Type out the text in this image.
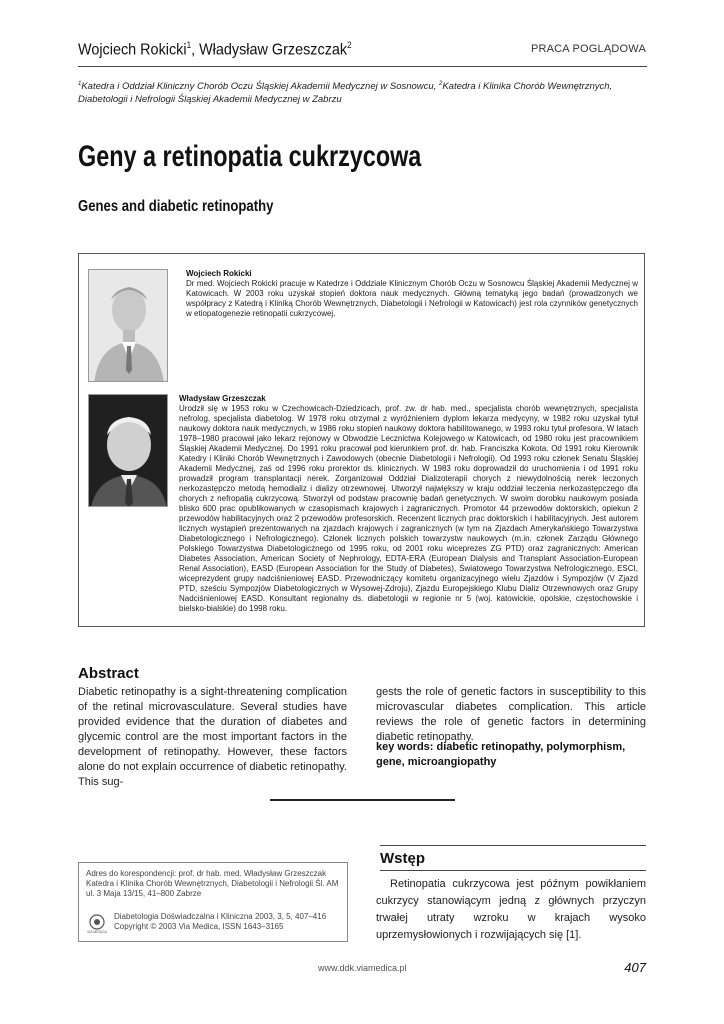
Wojciech Rokicki$^1$, Władysław Grzeszczak$^2$	PRACA POGLĄDOWA
$^1$Katedra i Oddział Kliniczny Chorób Oczu Śląskiej Akademii Medycznej w Sosnowcu, $^2$Katedra i Klinika Chorób Wewnętrznych, Diabetologii i Nefrologii Śląskiej Akademii Medycznej w Zabrzu
Geny a retinopatia cukrzycowa
Genes and diabetic retinopathy
Wojciech Rokicki
Dr med. Wojciech Rokicki pracuje w Katedrze i Oddziale Klinicznym Chorób Oczu w Sosnowcu Śląskiej Akademii Medycznej w Katowicach. W 2003 roku uzyskał stopień doktora nauk medycznych. Główną tematyką jego badań (prowadzonych we współpracy z Katedrą i Kliniką Chorób Wewnętrznych, Diabetologii i Nefrologii w Katowicach) jest rola czynników genetycznych w etiopatogenezie retinopatii cukrzycowej.
Władysław Grzeszczak
Urodził się w 1953 roku w Czechowicach-Dziedzicach, prof. zw. dr hab. med., specjalista chorób wewnętrznych, specjalista nefrolog, specjalista diabetolog. W 1978 roku otrzymał z wyróżnieniem dyplom lekarza medycyny, w 1982 roku uzyskał tytuł naukowy doktora nauk medycznych, w 1986 roku stopień naukowy doktora habilitowanego, w 1993 roku tytuł profesora. W latach 1978–1980 pracował jako lekarz rejonowy w Obwodzie Lecznictwa Kolejowego w Katowicach, od 1980 roku jest pracownikiem Śląskiej Akademii Medycznej. Do 1991 roku pracował pod kierunkiem prof. dr. hab. Franciszka Kokota. Od 1991 roku Kierownik Katedry i Kliniki Chorób Wewnętrznych i Zawodowych (obecnie Diabetologii i Nefrologii). Od 1993 roku członek Senatu Śląskiej Akademii Medycznej, zaś od 1996 roku prorektor ds. klinicznych. W 1983 roku doprowadził do uruchomienia i od 1991 roku prowadził program transplantacji nerek. Zorganizował Oddział Dializoterapii chorych z niewydolnością nerek leczonych nerkozastępczo metodą hemodializ i dializy otrzewnowej. Utworzył największy w kraju oddział leczenia nerkozastępczego dla chorych z nefropatią cukrzycową. Stworzył od podstaw pracownię badań genetycznych. W swoim dorobku naukowym posiada blisko 600 prac opublikowanych w czasopismach krajowych i zagranicznych. Promotor 44 przewodów doktorskich, opiekun 2 przewodów habilitacyjnych oraz 2 przewodów profesorskich. Recenzent licznych prac doktorskich i habilitacyjnych. Jest autorem licznych wystąpień prezentowanych na zjazdach krajowych i zagranicznych (w tym na Zjazdach Amerykańskiego Towarzystwa Diabetologicznego i Nefrologicznego). Członek licznych polskich towarzystw naukowych (m.in. członek Zarządu Głównego Polskiego Towarzystwa Diabetologicznego od 1995 roku, od 2001 roku wiceprezes ZG PTD) oraz zagranicznych: American Diabetes Association, American Society of Nephrology, EDTA-ERA (European Dialysis and Transplant Association-European Renal Association), EASD (European Association for the Study of Diabetes), Światowego Towarzystwa Nefrologicznego, ESCI, wiceprezydent grupy nadciśnieniowej EASD. Przewodniczący komitetu organizacyjnego wielu Zjazdów i Sympozjów (V Zjazd PTD, sześciu Sympozjów Diabetologicznych w Wysowej-Zdroju), Zjazdu Europejskiego Klubu Dializ Otrzewnowych oraz Grupy Nadciśnieniowej EASD. Konsultant regionalny ds. diabetologii w regionie nr 5 (woj. katowickie, opolskie, częstochowskie i bielsko-bialskie) do 1998 roku.
Abstract
Diabetic retinopathy is a sight-threatening complication of the retinal microvasculature. Several studies have provided evidence that the duration of diabetes and glycemic control are the most important factors in the development of retinopathy. However, these factors alone do not explain occurrence of diabetic retinopathy. This sug-
gests the role of genetic factors in susceptibility to this microvascular diabetes complication. This article reviews the role of genetic factors in determining diabetic retinopathy.
key words: diabetic retinopathy, polymorphism, gene, microangiopathy
Adres do korespondencji: prof. dr hab. med. Władysław Grzeszczak Katedra i Klinika Chorób Wewnętrznych, Diabetologii i Nefrologii Śl. AM ul. 3 Maja 13/15, 41–800 Zabrze
VIA MEDICA
Diabetologia Doświadczalna i Kliniczna 2003, 3, 5, 407–416
Copyright © 2003 Via Medica, ISSN 1643–3165
Wstęp
Retinopatia cukrzycowa jest późnym powikłaniem cukrzycy stanowiącym jedną z głównych przyczyn trwałej utraty wzroku w krajach wysoko uprzemysłowionych i rozwijających się [1].
www.ddk.viamedica.pl	407
